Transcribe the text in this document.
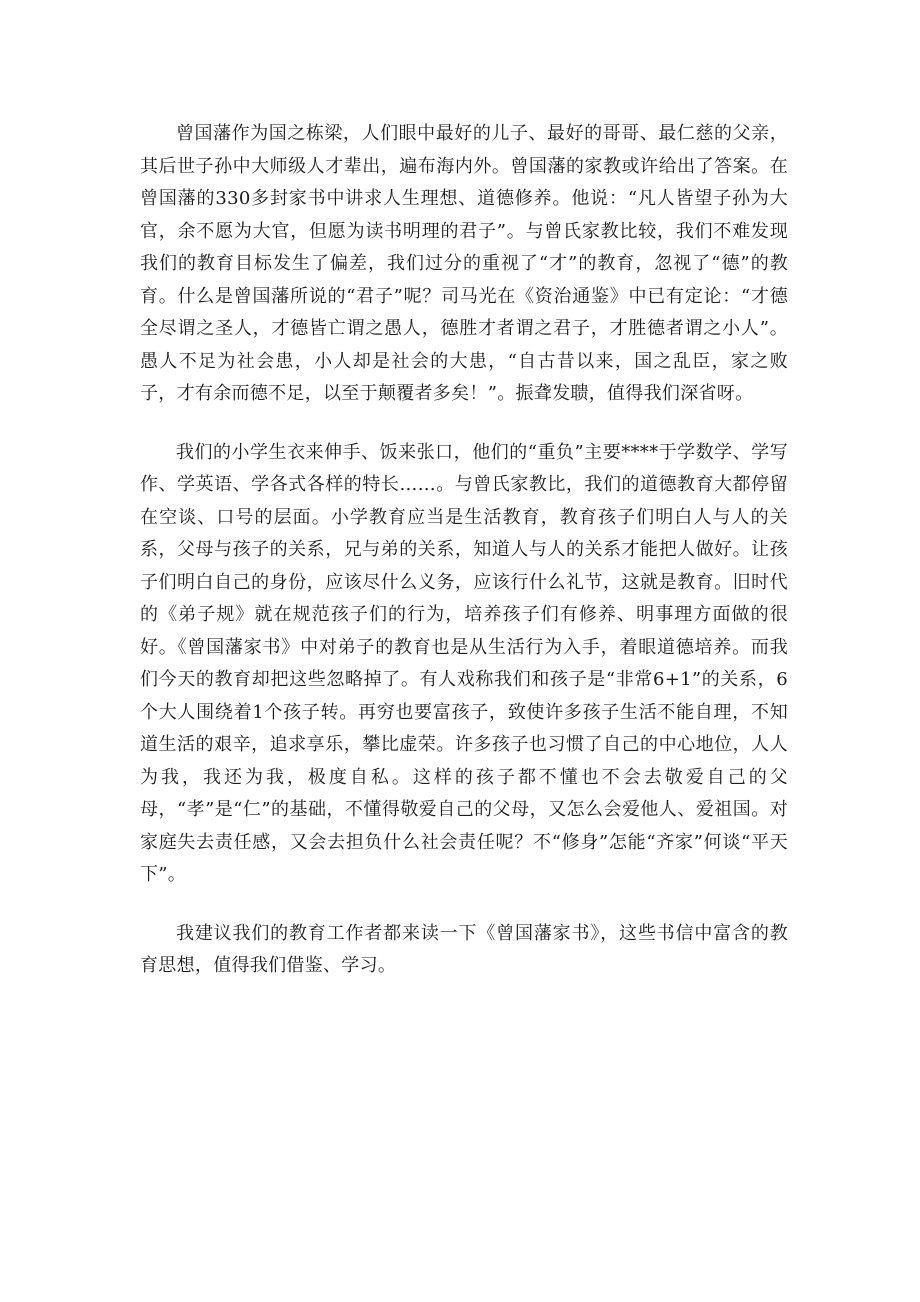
曾国藩作为国之栋梁，人们眼中最好的儿子、最好的哥哥、最仁慈的父亲，其后世子孙中大师级人才辈出，遍布海内外。曾国藩的家教或许给出了答案。在曾国藩的330多封家书中讲求人生理想、道德修养。他说：“凡人皆望子孙为大官，余不愿为大官，但愿为读书明理的君子”。与曾氏家教比较，我们不难发现我们的教育目标发生了偏差，我们过分的重视了“才”的教育，忽视了“德”的教育。什么是曾国藩所说的“君子”呢？司马光在《资治通鉴》中已有定论：“才德全尽谓之圣人，才德皆亡谓之愚人，德胜才者谓之君子，才胜德者谓之小人”。愚人不足为社会患，小人却是社会的大患，“自古昔以来，国之乱臣，家之败子，才有余而德不足，以至于颠覆者多矣！”。振聋发聩，值得我们深省呀。

我们的小学生衣来伸手、饭来张口，他们的“重负”主要****于学数学、学写作、学英语、学各式各样的特长……。与曾氏家教比，我们的道德教育大都停留在空谈、口号的层面。小学教育应当是生活教育，教育孩子们明白人与人的关系，父母与孩子的关系，兄与弟的关系，知道人与人的关系才能把人做好。让孩子们明白自己的身份，应该尽什么义务，应该行什么礼节，这就是教育。旧时代的《弟子规》就在规范孩子们的行为，培养孩子们有修养、明事理方面做的很好。《曾国藩家书》中对弟子的教育也是从生活行为入手，着眼道德培养。而我们今天的教育却把这些忽略掉了。有人戏称我们和孩子是“非常6+1”的关系，6个大人围绕着1个孩子转。再穷也要富孩子，致使许多孩子生活不能自理，不知道生活的艰辛，追求享乐，攀比虚荣。许多孩子也习惯了自己的中心地位，人人为我，我还为我，极度自私。这样的孩子都不懂也不会去敬爱自己的父母，“孝”是“仁”的基础，不懂得敬爱自己的父母，又怎么会爱他人、爱祖国。对家庭失去责任感，又会去担负什么社会责任呢？不“修身”怎能“齐家”何谈“平天下”。

我建议我们的教育工作者都来读一下《曾国藩家书》，这些书信中富含的教育思想，值得我们借鉴、学习。
